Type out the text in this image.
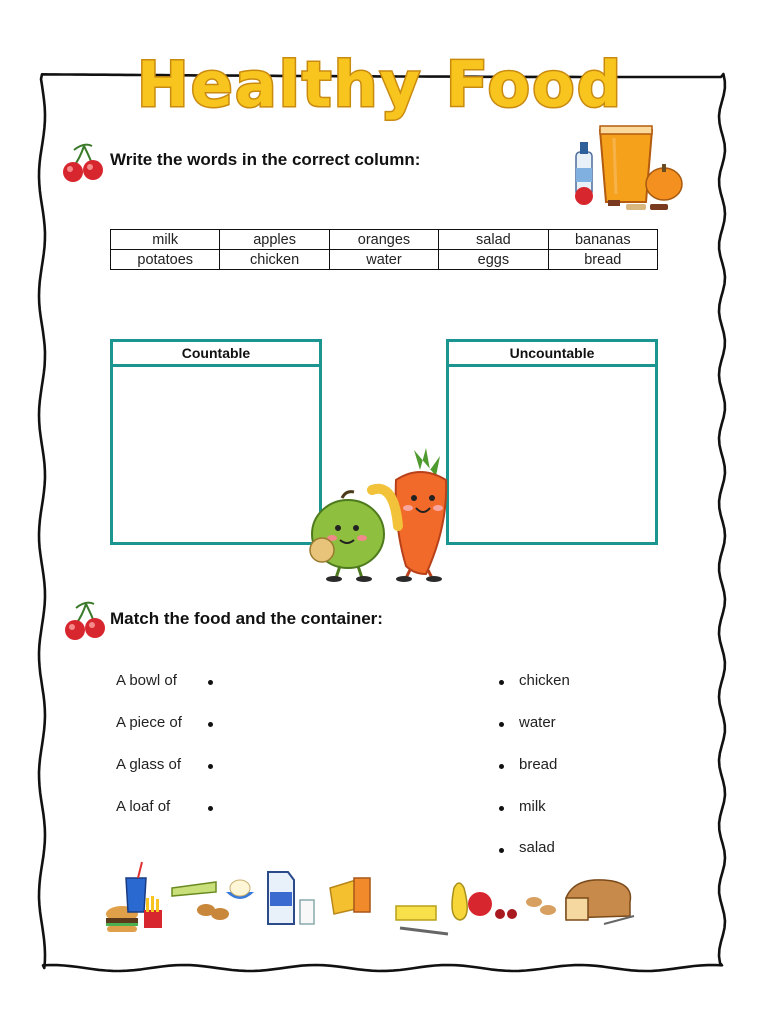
Healthy Food
Write the words in the correct column:
milk	apples	oranges	salad	bananas
potatoes	chicken	water	eggs	bread
Countable	Uncountable
Match the food and the container:
A bowl of
A piece of
A glass of
A loaf of
chicken
water
bread
milk
salad
